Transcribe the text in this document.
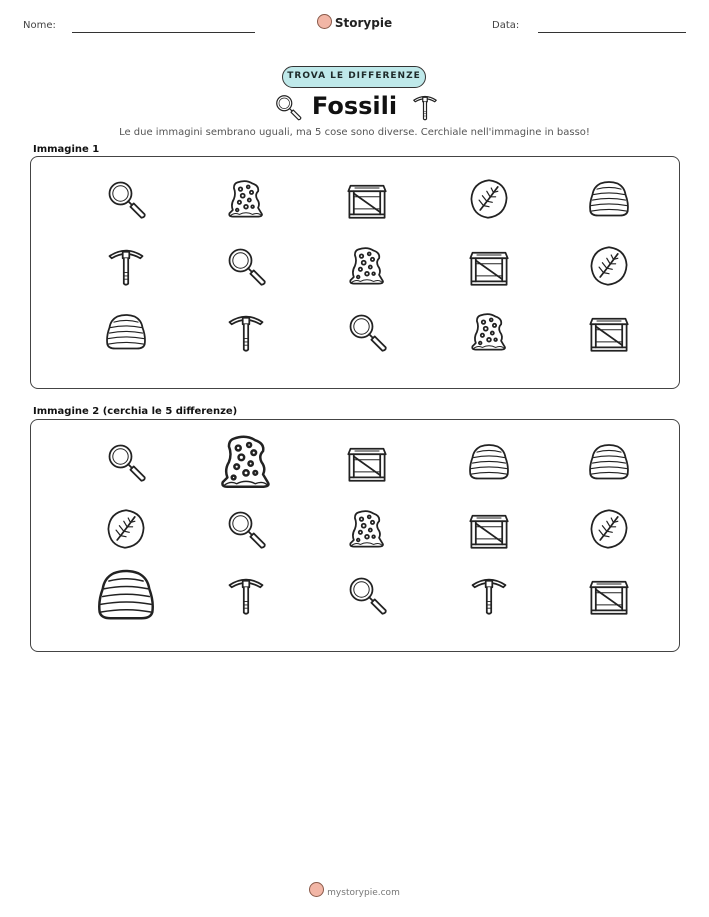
Nome:	Storypie	Data:
TROVA LE DIFFERENZE
Fossili
Le due immagini sembrano uguali, ma 5 cose sono diverse. Cerchiale nell'immagine in basso!
Immagine 1
Immagine 2 (cerchia le 5 differenze)
mystorypie.com
